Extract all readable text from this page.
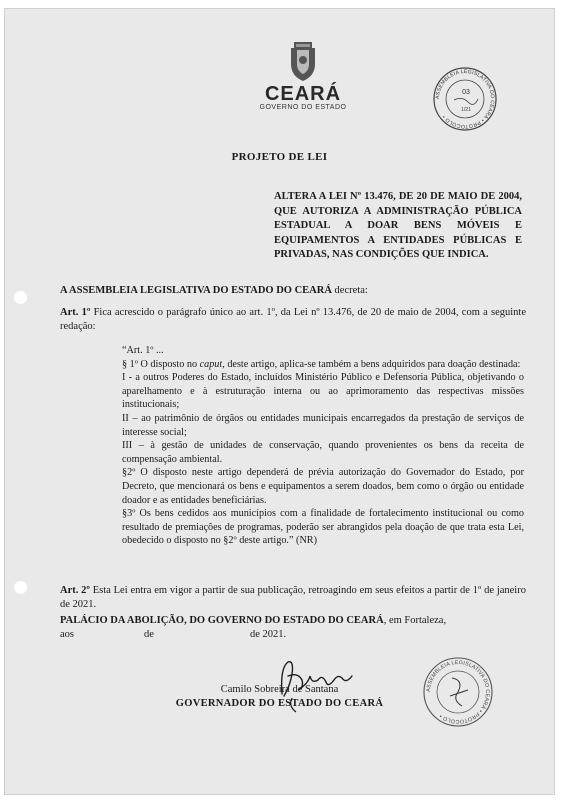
CEARÁ
GOVERNO DO ESTADO
ASSEMBLEIA LEGISLATIVA DO CEARÁ • PROTOCOLO •
03
1/21
PROJETO DE LEI
ALTERA A LEI Nº 13.476, DE 20 DE MAIO DE 2004, QUE AUTORIZA A ADMINISTRAÇÃO PÚBLICA ESTADUAL A DOAR BENS MÓVEIS E EQUIPAMENTOS A ENTIDADES PÚBLICAS E PRIVADAS, NAS CONDIÇÕES QUE INDICA.
A ASSEMBLEIA LEGISLATIVA DO ESTADO DO CEARÁ decreta:
Art. 1º Fica acrescido o parágrafo único ao art. 1º, da Lei nº 13.476, de 20 de maio de 2004, com a seguinte redação:
“Art. 1º ...
§ 1º O disposto no caput, deste artigo, aplica-se também a bens adquiridos para doação destinada:
I - a outros Poderes do Estado, incluídos Ministério Público e Defensoria Pública, objetivando o aparelhamento e à estruturação interna ou ao aprimoramento das respectivas missões institucionais;
II – ao patrimônio de órgãos ou entidades municipais encarregados da prestação de serviços de interesse social;
III – à gestão de unidades de conservação, quando provenientes os bens da receita de compensação ambiental.
§2º O disposto neste artigo dependerá de prévia autorização do Governador do Estado, por Decreto, que mencionará os bens e equipamentos a serem doados, bem como o órgão ou entidade doador e as entidades beneficiárias.
§3º Os bens cedidos aos municípios com a finalidade de fortalecimento institucional ou como resultado de premiações de programas, poderão ser abrangidos pela doação de que trata esta Lei, obedecido o disposto no §2º deste artigo.” (NR)
Art. 2º Esta Lei entra em vigor a partir de sua publicação, retroagindo em seus efeitos a partir de 1º de janeiro de 2021.
PALÁCIO DA ABOLIÇÃO, DO GOVERNO DO ESTADO DO CEARÁ, em Fortaleza,
aos	de	de 2021.
Camilo Sobreira de Santana
GOVERNADOR DO ESTADO DO CEARÁ
ASSEMBLEIA LEGISLATIVA DO CEARÁ • PROTOCOLO •
